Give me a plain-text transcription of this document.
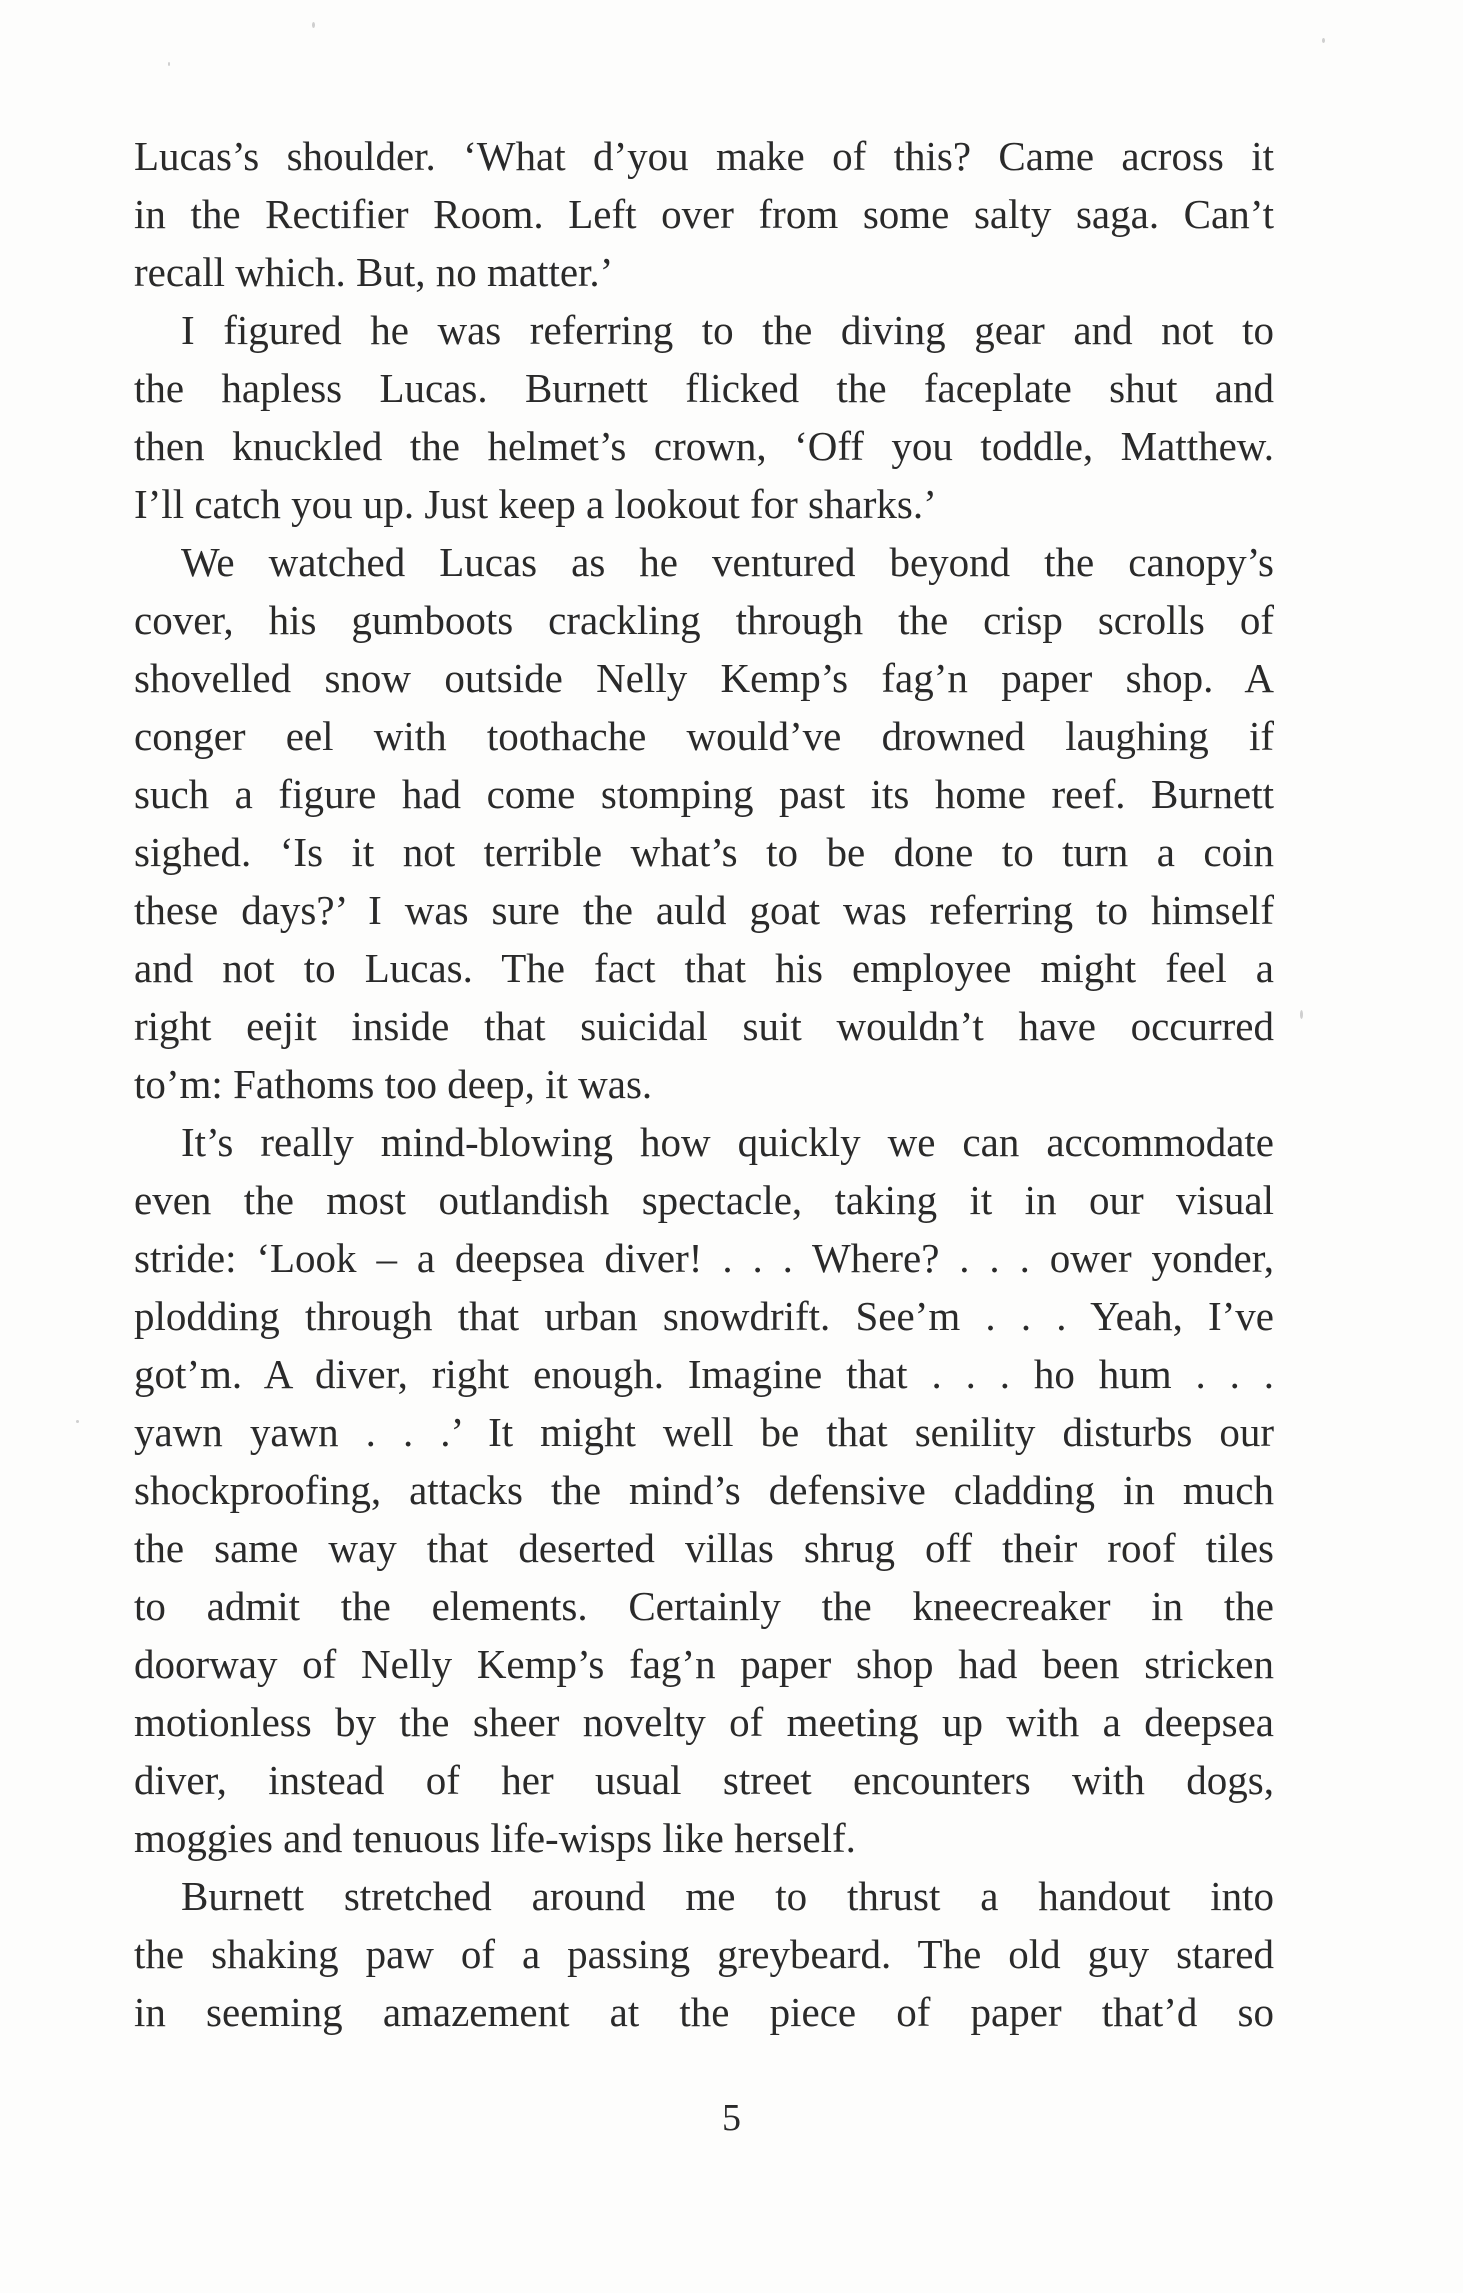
Lucas’s shoulder. ‘What d’you make of this? Came across it
in the Rectifier Room. Left over from some salty saga. Can’t
recall which. But, no matter.’
I figured he was referring to the diving gear and not to
the hapless Lucas. Burnett flicked the faceplate shut and
then knuckled the helmet’s crown, ‘Off you toddle, Matthew.
I’ll catch you up. Just keep a lookout for sharks.’
We watched Lucas as he ventured beyond the canopy’s
cover, his gumboots crackling through the crisp scrolls of
shovelled snow outside Nelly Kemp’s fag’n paper shop. A
conger eel with toothache would’ve drowned laughing if
such a figure had come stomping past its home reef. Burnett
sighed. ‘Is it not terrible what’s to be done to turn a coin
these days?’ I was sure the auld goat was referring to himself
and not to Lucas. The fact that his employee might feel a
right eejit inside that suicidal suit wouldn’t have occurred
to’m: Fathoms too deep, it was.
It’s really mind-blowing how quickly we can accommodate
even the most outlandish spectacle, taking it in our visual
stride: ‘Look – a deepsea diver! . . . Where? . . . ower yonder,
plodding through that urban snowdrift. See’m . . . Yeah, I’ve
got’m. A diver, right enough. Imagine that . . . ho hum . . .
yawn yawn . . .’ It might well be that senility disturbs our
shockproofing, attacks the mind’s defensive cladding in much
the same way that deserted villas shrug off their roof tiles
to admit the elements. Certainly the kneecreaker in the
doorway of Nelly Kemp’s fag’n paper shop had been stricken
motionless by the sheer novelty of meeting up with a deepsea
diver, instead of her usual street encounters with dogs,
moggies and tenuous life-wisps like herself.
Burnett stretched around me to thrust a handout into
the shaking paw of a passing greybeard. The old guy stared
in seeming amazement at the piece of paper that’d so
5
